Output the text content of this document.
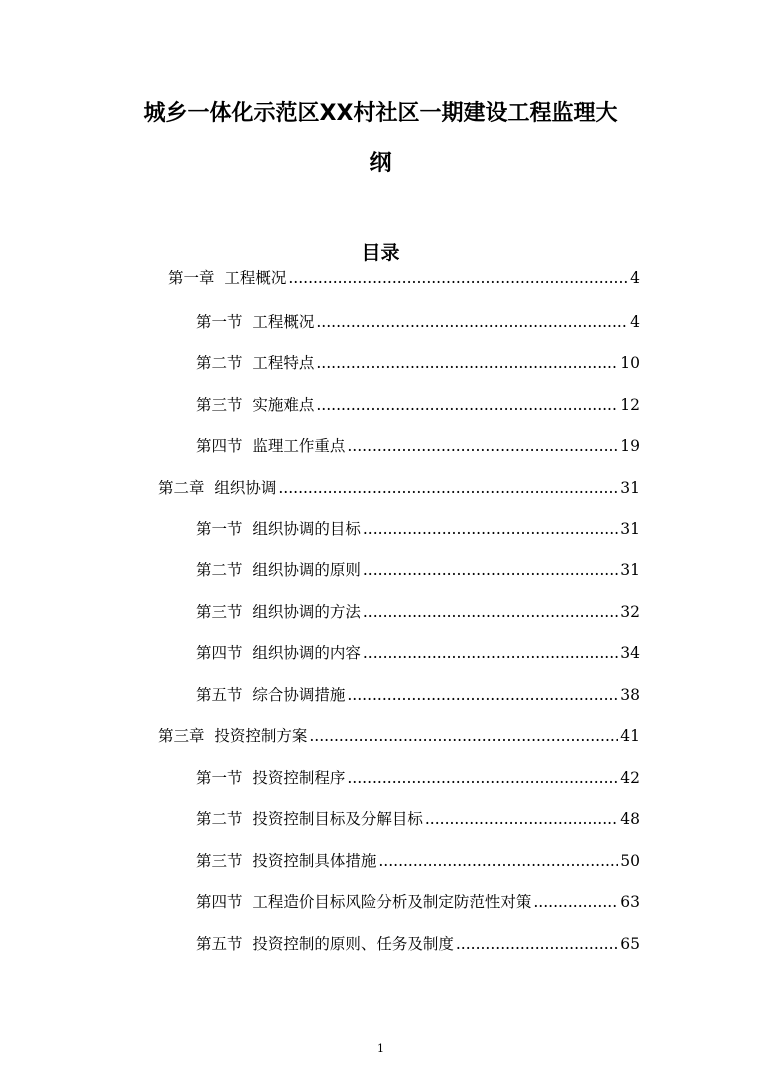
城乡一体化示范区XX村社区一期建设工程监理大
纲
目录
第一章  工程概况 .....	4
第一节  工程概况 .....	4
第二节  工程特点 .....	10
第三节  实施难点 .....	12
第四节  监理工作重点 .....	19
第二章  组织协调 .....	31
第一节  组织协调的目标 .....	31
第二节  组织协调的原则 .....	31
第三节  组织协调的方法 .....	32
第四节  组织协调的内容 .....	34
第五节  综合协调措施 .....	38
第三章  投资控制方案 .....	41
第一节  投资控制程序 .....	42
第二节  投资控制目标及分解目标 .....	48
第三节  投资控制具体措施 .....	50
第四节  工程造价目标风险分析及制定防范性对策 .....	63
第五节  投资控制的原则、任务及制度 .....	65
1
